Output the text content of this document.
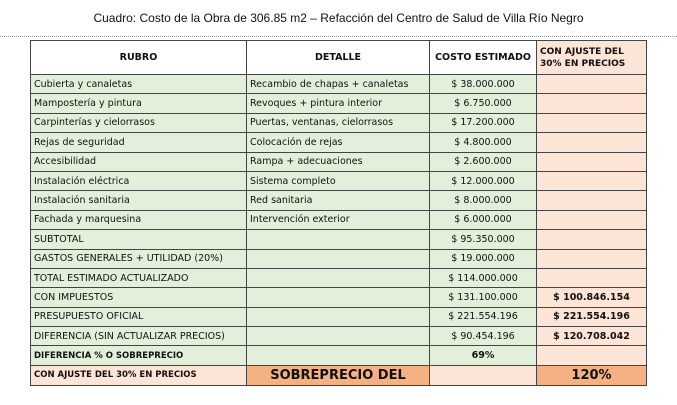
Cuadro: Costo de la Obra de 306.85 m2 – Refacción del Centro de Salud de Villa Río Negro
RUBRO	DETALLE	COSTO ESTIMADO	CON AJUSTE DEL 30% EN PRECIOS
Cubierta y canaletas	Recambio de chapas + canaletas	$ 38.000.000	
Mampostería y pintura	Revoques + pintura interior	$ 6.750.000	
Carpinterías y cielorrasos	Puertas, ventanas, cielorrasos	$ 17.200.000	
Rejas de seguridad	Colocación de rejas	$ 4.800.000	
Accesibilidad	Rampa + adecuaciones	$ 2.600.000	
Instalación eléctrica	Sistema completo	$ 12.000.000	
Instalación sanitaria	Red sanitaria	$ 8.000.000	
Fachada y marquesina	Intervención exterior	$ 6.000.000	
SUBTOTAL		$ 95.350.000	
GASTOS GENERALES + UTILIDAD (20%)		$ 19.000.000	
TOTAL ESTIMADO ACTUALIZADO		$ 114.000.000	
CON IMPUESTOS		$ 131.100.000	$ 100.846.154
PRESUPUESTO OFICIAL		$ 221.554.196	$ 221.554.196
DIFERENCIA (SIN ACTUALIZAR PRECIOS)		$ 90.454.196	$ 120.708.042
DIFERENCIA % O SOBREPRECIO		69%	
CON AJUSTE DEL 30% EN PRECIOS	SOBREPRECIO DEL		120%
